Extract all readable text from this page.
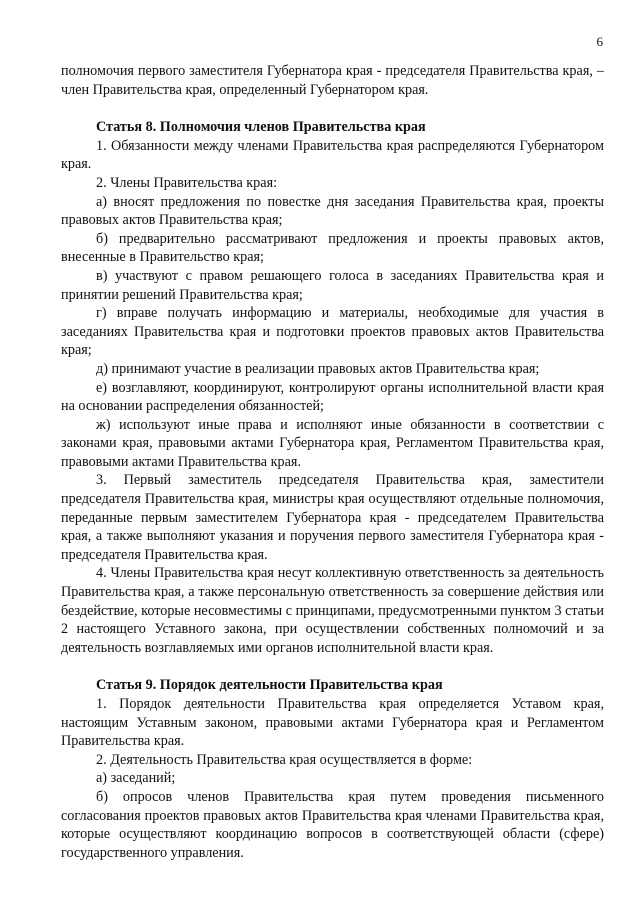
6

полномочия первого заместителя Губернатора края - председателя Правительства края, – член Правительства края, определенный Губернатором края.

Статья 8. Полномочия членов Правительства края

1. Обязанности между членами Правительства края распределяются Губернатором края.

2. Члены Правительства края:

а) вносят предложения по повестке дня заседания Правительства края, проекты правовых актов Правительства края;

б) предварительно рассматривают предложения и проекты правовых актов, внесенные в Правительство края;

в) участвуют с правом решающего голоса в заседаниях Правительства края и принятии решений Правительства края;

г) вправе получать информацию и материалы, необходимые для участия в заседаниях Правительства края и подготовки проектов правовых актов Правительства края;

д) принимают участие в реализации правовых актов Правительства края;

е) возглавляют, координируют, контролируют органы исполнительной власти края на основании распределения обязанностей;

ж) используют иные права и исполняют иные обязанности в соответствии с законами края, правовыми актами Губернатора края, Регламентом Правительства края, правовыми актами Правительства края.

3. Первый заместитель председателя Правительства края, заместители председателя Правительства края, министры края осуществляют отдельные полномочия, переданные первым заместителем Губернатора края - председателем Правительства края, а также выполняют указания и поручения первого заместителя Губернатора края - председателя Правительства края.

4. Члены Правительства края несут коллективную ответственность за деятельность Правительства края, а также персональную ответственность за совершение действия или бездействие, которые несовместимы с принципами, предусмотренными пунктом 3 статьи 2 настоящего Уставного закона, при осуществлении собственных полномочий и за деятельность возглавляемых ими органов исполнительной власти края.

Статья 9. Порядок деятельности Правительства края

1. Порядок деятельности Правительства края определяется Уставом края, настоящим Уставным законом, правовыми актами Губернатора края и Регламентом Правительства края.

2. Деятельность Правительства края осуществляется в форме:

а) заседаний;

б) опросов членов Правительства края путем проведения письменного согласования проектов правовых актов Правительства края членами Правительства края, которые осуществляют координацию вопросов в соответствующей области (сфере) государственного управления.
